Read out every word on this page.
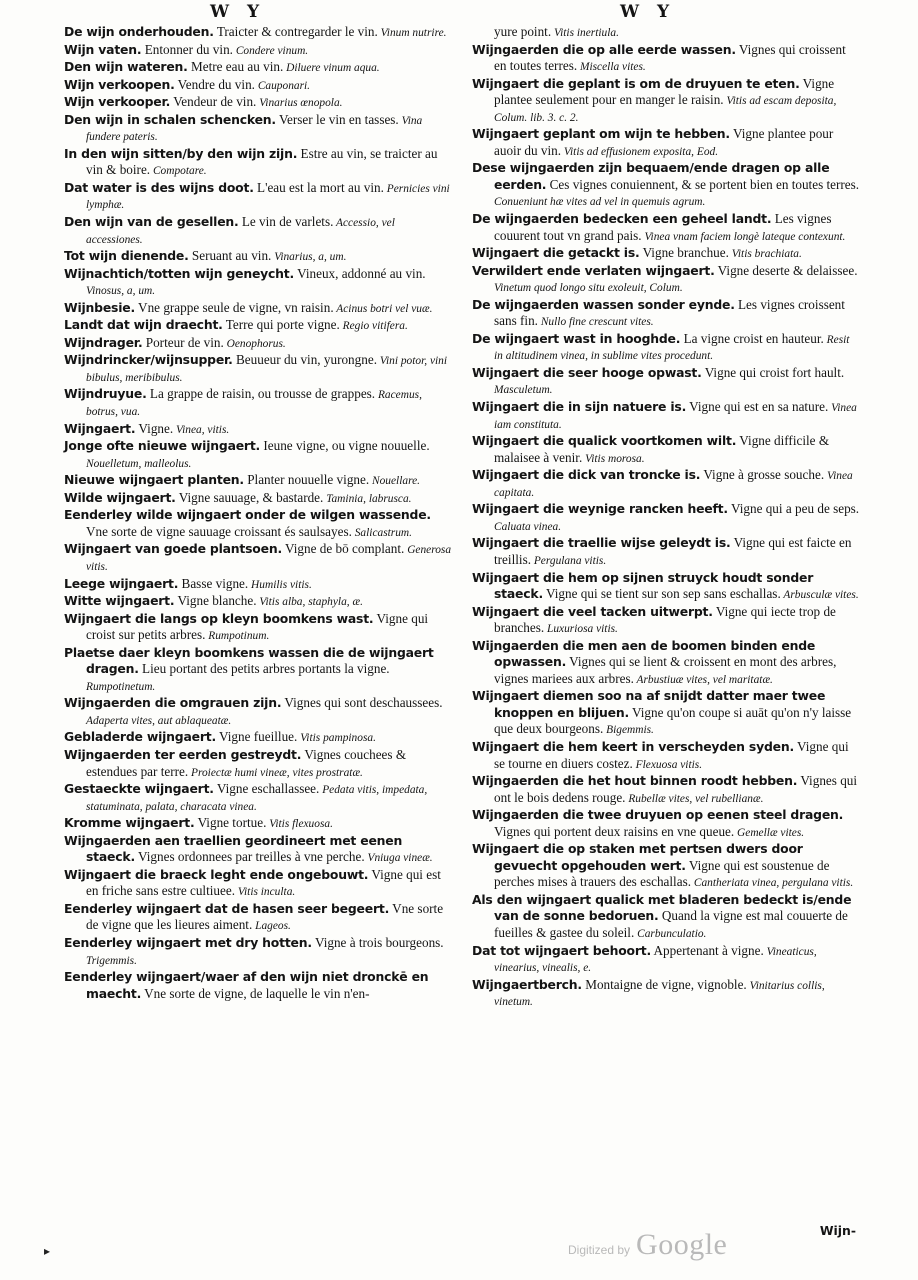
W Y	W Y
De wijn onderhouden. Traicter & contregarder le vin. Vinum nutrire.
Wijn vaten. Entonner du vin. Condere vinum.
Den wijn wateren. Metre eau au vin. Diluere vinum aqua.
Wijn verkoopen. Vendre du vin. Cauponari.
Wijn verkooper. Vendeur de vin. Vinarius œnopola.
Den wijn in schalen schencken. Verser le vin en tasses. Vina fundere pateris.
In den wijn sitten/by den wijn zijn. Estre au vin, se traicter au vin & boire. Compotare.
Dat water is des wijns doot. L'eau est la mort au vin. Pernicies vini lymphæ.
Den wijn van de gesellen. Le vin de varlets. Accessio, vel accessiones.
Tot wijn dienende. Seruant au vin. Vinarius, a, um.
Wijnachtich/totten wijn geneycht. Vineux, addonné au vin. Vinosus, a, um.
Wijnbesie. Vne grappe seule de vigne, vn raisin. Acinus botri vel vuæ.
Landt dat wijn draecht. Terre qui porte vigne. Regio vitifera.
Wijndrager. Porteur de vin. Oenophorus.
Wijndrincker/wijnsupper. Beuueur du vin, yurongne. Vini potor, vini bibulus, meribibulus.
Wijndruyue. La grappe de raisin, ou trousse de grappes. Racemus, botrus, vua.
Wijngaert. Vigne. Vinea, vitis.
Jonge ofte nieuwe wijngaert. Ieune vigne, ou vigne nouuelle. Nouelletum, malleolus.
Nieuwe wijngaert planten. Planter nouuelle vigne. Nouellare.
Wilde wijngaert. Vigne sauuage, & bastarde. Taminia, labrusca.
Eenderley wilde wijngaert onder de wilgen wassende. Vne sorte de vigne sauuage croissant és saulsayes. Salicastrum.
Wijngaert van goede plantsoen. Vigne de bō complant. Generosa vitis.
Leege wijngaert. Basse vigne. Humilis vitis.
Witte wijngaert. Vigne blanche. Vitis alba, staphyla, æ.
Wijngaert die langs op kleyn boomkens wast. Vigne qui croist sur petits arbres. Rumpotinum.
Plaetse daer kleyn boomkens wassen die de wijngaert dragen. Lieu portant des petits arbres portants la vigne. Rumpotinetum.
Wijngaerden die omgrauen zijn. Vignes qui sont deschaussees. Adaperta vites, aut ablaqueatæ.
Gebladerde wijngaert. Vigne fueillue. Vitis pampinosa.
Wijngaerden ter eerden gestreydt. Vignes couchees & estendues par terre. Proiectæ humi vineæ, vites prostratæ.
Gestaeckte wijngaert. Vigne eschallassee. Pedata vitis, impedata, statuminata, palata, characata vinea.
Kromme wijngaert. Vigne tortue. Vitis flexuosa.
Wijngaerden aen traellien geordineert met eenen staeck. Vignes ordonnees par treilles à vne perche. Vniuga vineæ.
Wijngaert die braeck leght ende ongebouwt. Vigne qui est en friche sans estre cultiuee. Vitis inculta.
Eenderley wijngaert dat de hasen seer begeert. Vne sorte de vigne que les lieures aiment. Lageos.
Eenderley wijngaert met dry hotten. Vigne à trois bourgeons. Trigemmis.
Eenderley wijngaert/waer af den wijn niet dronckē en maecht. Vne sorte de vigne, de laquelle le vin n'en-
yure point. Vitis inertiula.
Wijngaerden die op alle eerde wassen. Vignes qui croissent en toutes terres. Miscella vites.
Wijngaert die geplant is om de druyuen te eten. Vigne plantee seulement pour en manger le raisin. Vitis ad escam deposita, Colum. lib. 3. c. 2.
Wijngaert geplant om wijn te hebben. Vigne plantee pour auoir du vin. Vitis ad effusionem exposita, Eod.
Dese wijngaerden zijn bequaem/ende dragen op alle eerden. Ces vignes conuiennent, & se portent bien en toutes terres. Conueniunt hæ vites ad vel in quemuis agrum.
De wijngaerden bedecken een geheel landt. Les vignes couurent tout vn grand pais. Vinea vnam faciem longè lateque contexunt.
Wijngaert die getackt is. Vigne branchue. Vitis brachiata.
Verwildert ende verlaten wijngaert. Vigne deserte & delaissee. Vinetum quod longo situ exoleuit, Colum.
De wijngaerden wassen sonder eynde. Les vignes croissent sans fin. Nullo fine crescunt vites.
De wijngaert wast in hooghde. La vigne croist en hauteur. Resit in altitudinem vinea, in sublime vites procedunt.
Wijngaert die seer hooge opwast. Vigne qui croist fort hault. Masculetum.
Wijngaert die in sijn natuere is. Vigne qui est en sa nature. Vinea iam constituta.
Wijngaert die qualick voortkomen wilt. Vigne difficile & malaisee à venir. Vitis morosa.
Wijngaert die dick van troncke is. Vigne à grosse souche. Vinea capitata.
Wijngaert die weynige rancken heeft. Vigne qui a peu de seps. Caluata vinea.
Wijngaert die traellie wijse geleydt is. Vigne qui est faicte en treillis. Pergulana vitis.
Wijngaert die hem op sijnen struyck houdt sonder staeck. Vigne qui se tient sur son sep sans eschallas. Arbusculæ vites.
Wijngaert die veel tacken uitwerpt. Vigne qui iecte trop de branches. Luxuriosa vitis.
Wijngaerden die men aen de boomen binden ende opwassen. Vignes qui se lient & croissent en mont des arbres, vignes mariees aux arbres. Arbustiuæ vites, vel maritatæ.
Wijngaert diemen soo na af snijdt datter maer twee knoppen en blijuen. Vigne qu'on coupe si auāt qu'on n'y laisse que deux bourgeons. Bigemmis.
Wijngaert die hem keert in verscheyden syden. Vigne qui se tourne en diuers costez. Flexuosa vitis.
Wijngaerden die het hout binnen roodt hebben. Vignes qui ont le bois dedens rouge. Rubellæ vites, vel rubellianæ.
Wijngaerden die twee druyuen op eenen steel dragen. Vignes qui portent deux raisins en vne queue. Gemellæ vites.
Wijngaert die op staken met pertsen dwers door gevuecht opgehouden wert. Vigne qui est soustenue de perches mises à trauers des eschallas. Cantheriata vinea, pergulana vitis.
Als den wijngaert qualick met bladeren bedeckt is/ende van de sonne bedoruen. Quand la vigne est mal couuerte de fueilles & gastee du soleil. Carbunculatio.
Dat tot wijngaert behoort. Appertenant à vigne. Vineaticus, vinearius, vinealis, e.
Wijngaertberch. Montaigne de vigne, vignoble. Vinitarius collis, vinetum.
Wijn-
Digitized by Google
▸
